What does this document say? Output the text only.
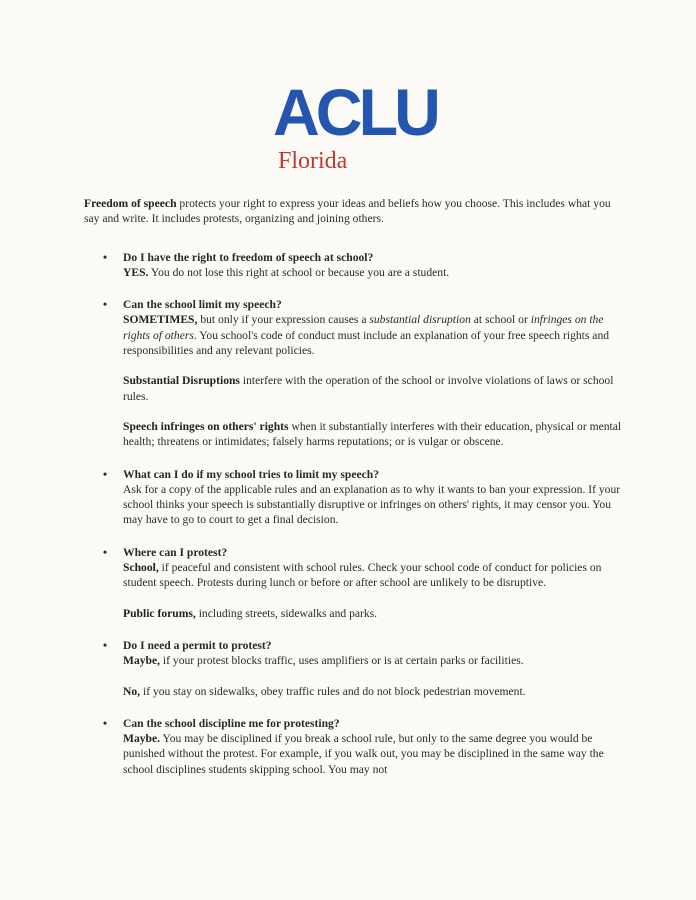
ACLU
Florida

Freedom of speech protects your right to express your ideas and beliefs how you choose. This includes what you say and write. It includes protests, organizing and joining others.

• Do I have the right to freedom of speech at school?

YES. You do not lose this right at school or because you are a student.

• Can the school limit my speech?

SOMETIMES, but only if your expression causes a substantial disruption at school or infringes on the rights of others. You school's code of conduct must include an explanation of your free speech rights and responsibilities and any relevant policies.

Substantial Disruptions interfere with the operation of the school or involve violations of laws or school rules.

Speech infringes on others' rights when it substantially interferes with their education, physical or mental health; threatens or intimidates; falsely harms reputations; or is vulgar or obscene.

• What can I do if my school tries to limit my speech?

Ask for a copy of the applicable rules and an explanation as to why it wants to ban your expression. If your school thinks your speech is substantially disruptive or infringes on others' rights, it may censor you. You may have to go to court to get a final decision.

• Where can I protest?

School, if peaceful and consistent with school rules. Check your school code of conduct for policies on student speech. Protests during lunch or before or after school are unlikely to be disruptive.

Public forums, including streets, sidewalks and parks.

• Do I need a permit to protest?

Maybe, if your protest blocks traffic, uses amplifiers or is at certain parks or facilities.

No, if you stay on sidewalks, obey traffic rules and do not block pedestrian movement.

• Can the school discipline me for protesting?

Maybe. You may be disciplined if you break a school rule, but only to the same degree you would be punished without the protest. For example, if you walk out, you may be disciplined in the same way the school disciplines students skipping school. You may not
